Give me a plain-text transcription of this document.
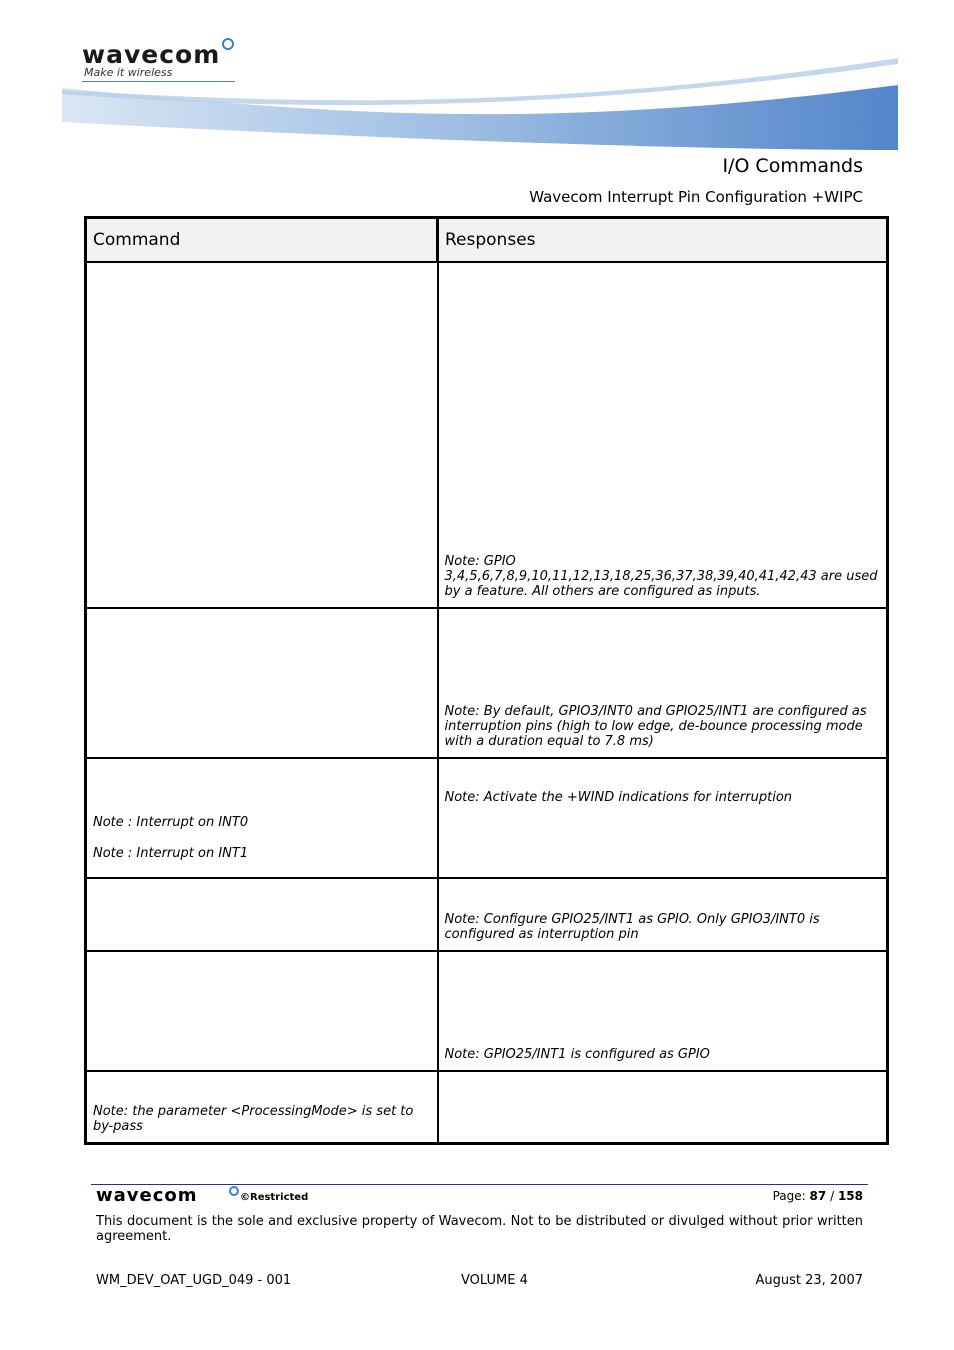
wavecom
Make it wireless
I/O Commands
Wavecom Interrupt Pin Configuration +WIPC
Command	Responses

	Note: GPIO 3,4,5,6,7,8,9,10,11,12,13,18,25,36,37,38,39,40,41,42,43 are used by a feature. All others are configured as inputs.

	Note: By default, GPIO3/INT0 and GPIO25/INT1 are configured as interruption pins (high to low edge, de-bounce processing mode with a duration equal to 7.8 ms)

Note : Interrupt on INT0
Note : Interrupt on INT1	Note: Activate the +WIND indications for interruption

	Note: Configure GPIO25/INT1 as GPIO. Only GPIO3/INT0 is configured as interruption pin

	Note: GPIO25/INT1 is configured as GPIO

Note: the parameter <ProcessingMode> is set to by-pass	

wavecom	©Restricted	Page: 87 / 158
This document is the sole and exclusive property of Wavecom. Not to be distributed or divulged without prior written agreement.
WM_DEV_OAT_UGD_049 - 001	VOLUME 4	August 23, 2007
